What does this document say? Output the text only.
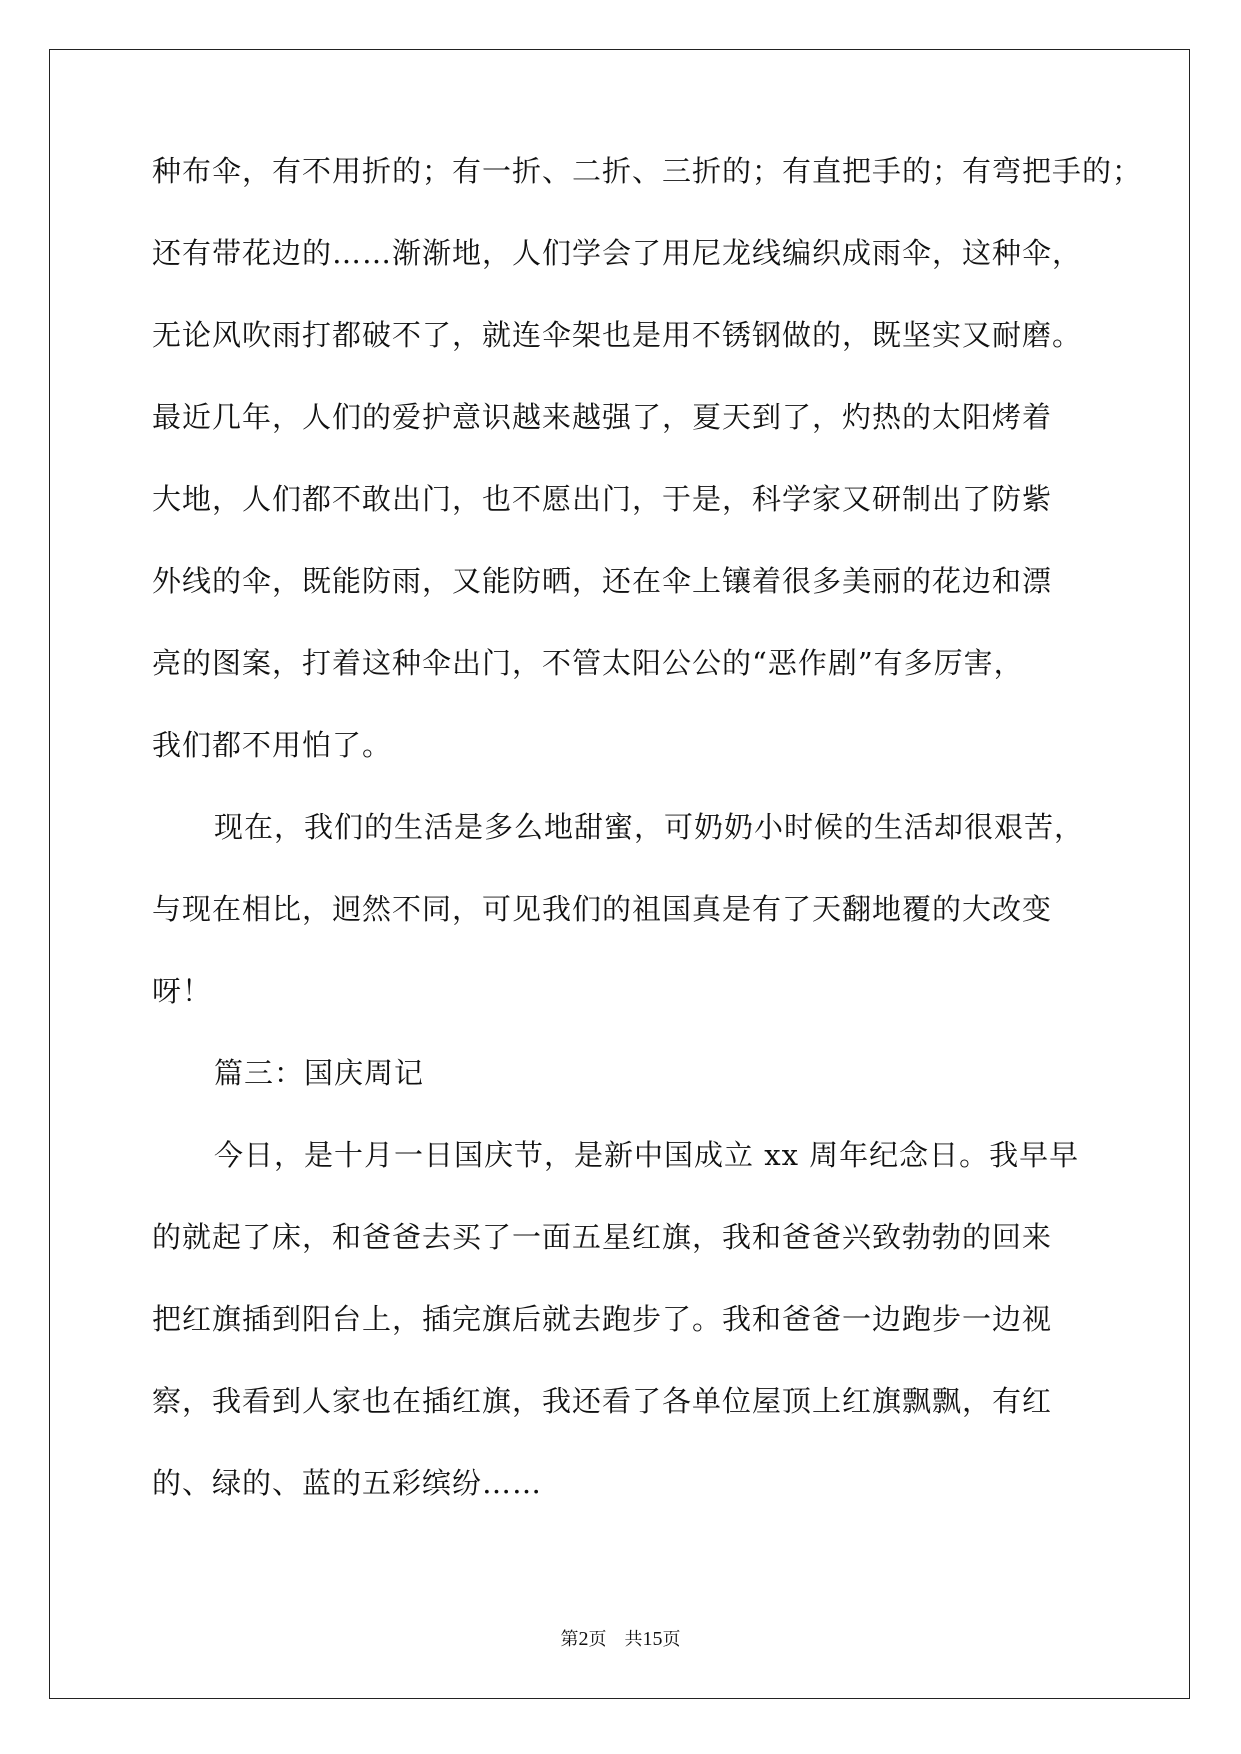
种布伞，有不用折的；有一折、二折、三折的；有直把手的；有弯把手的；
还有带花边的……渐渐地，人们学会了用尼龙线编织成雨伞，这种伞，
无论风吹雨打都破不了，就连伞架也是用不锈钢做的，既坚实又耐磨。
最近几年，人们的爱护意识越来越强了，夏天到了，灼热的太阳烤着
大地，人们都不敢出门，也不愿出门，于是，科学家又研制出了防紫
外线的伞，既能防雨，又能防晒，还在伞上镶着很多美丽的花边和漂
亮的图案，打着这种伞出门，不管太阳公公的“恶作剧”有多厉害，
我们都不用怕了。
现在，我们的生活是多么地甜蜜，可奶奶小时候的生活却很艰苦，
与现在相比，迥然不同，可见我们的祖国真是有了天翻地覆的大改变
呀！
篇三：国庆周记
今日，是十月一日国庆节，是新中国成立 xx 周年纪念日。我早早
的就起了床，和爸爸去买了一面五星红旗，我和爸爸兴致勃勃的回来
把红旗插到阳台上，插完旗后就去跑步了。我和爸爸一边跑步一边视
察，我看到人家也在插红旗，我还看了各单位屋顶上红旗飘飘，有红
的、绿的、蓝的五彩缤纷……
第2页 共15页
